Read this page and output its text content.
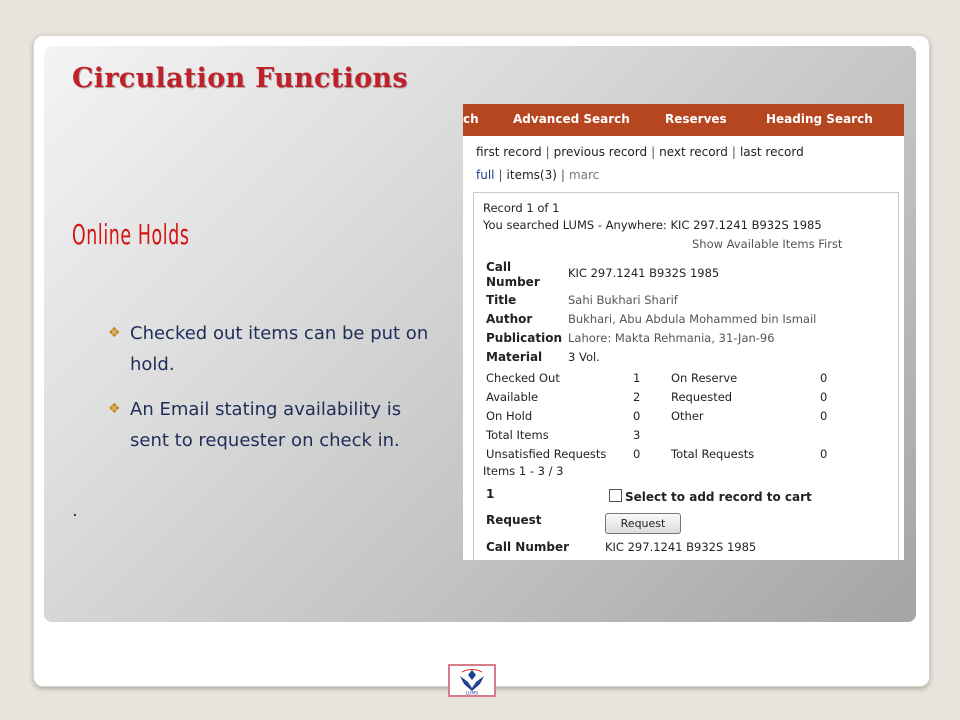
Circulation Functions
Online Holds
❖ Checked out items can be put on hold.
❖ An Email stating availability is sent to requester on check in.
.
ch	Advanced Search	Reserves	Heading Search
first record | previous record | next record | last record
full | items(3) | marc
Record 1 of 1
You searched LUMS - Anywhere: KIC 297.1241 B932S 1985
Show Available Items First
Call
Number
KIC 297.1241 B932S 1985
Title	Sahi Bukhari Sharif
Author	Bukhari, Abu Abdula Mohammed bin Ismail
Publication Lahore: Makta Rehmania, 31-Jan-96
Material 3 Vol.
Checked Out	1	On Reserve	0
Available	2	Requested	0
On Hold	0	Other	0
Total Items	3
Unsatisfied Requests 0	Total Requests	0
Items 1 - 3 / 3
1	Select to add record to cart
Request	Request
Call Number	KIC 297.1241 B932S 1985
LUMS
